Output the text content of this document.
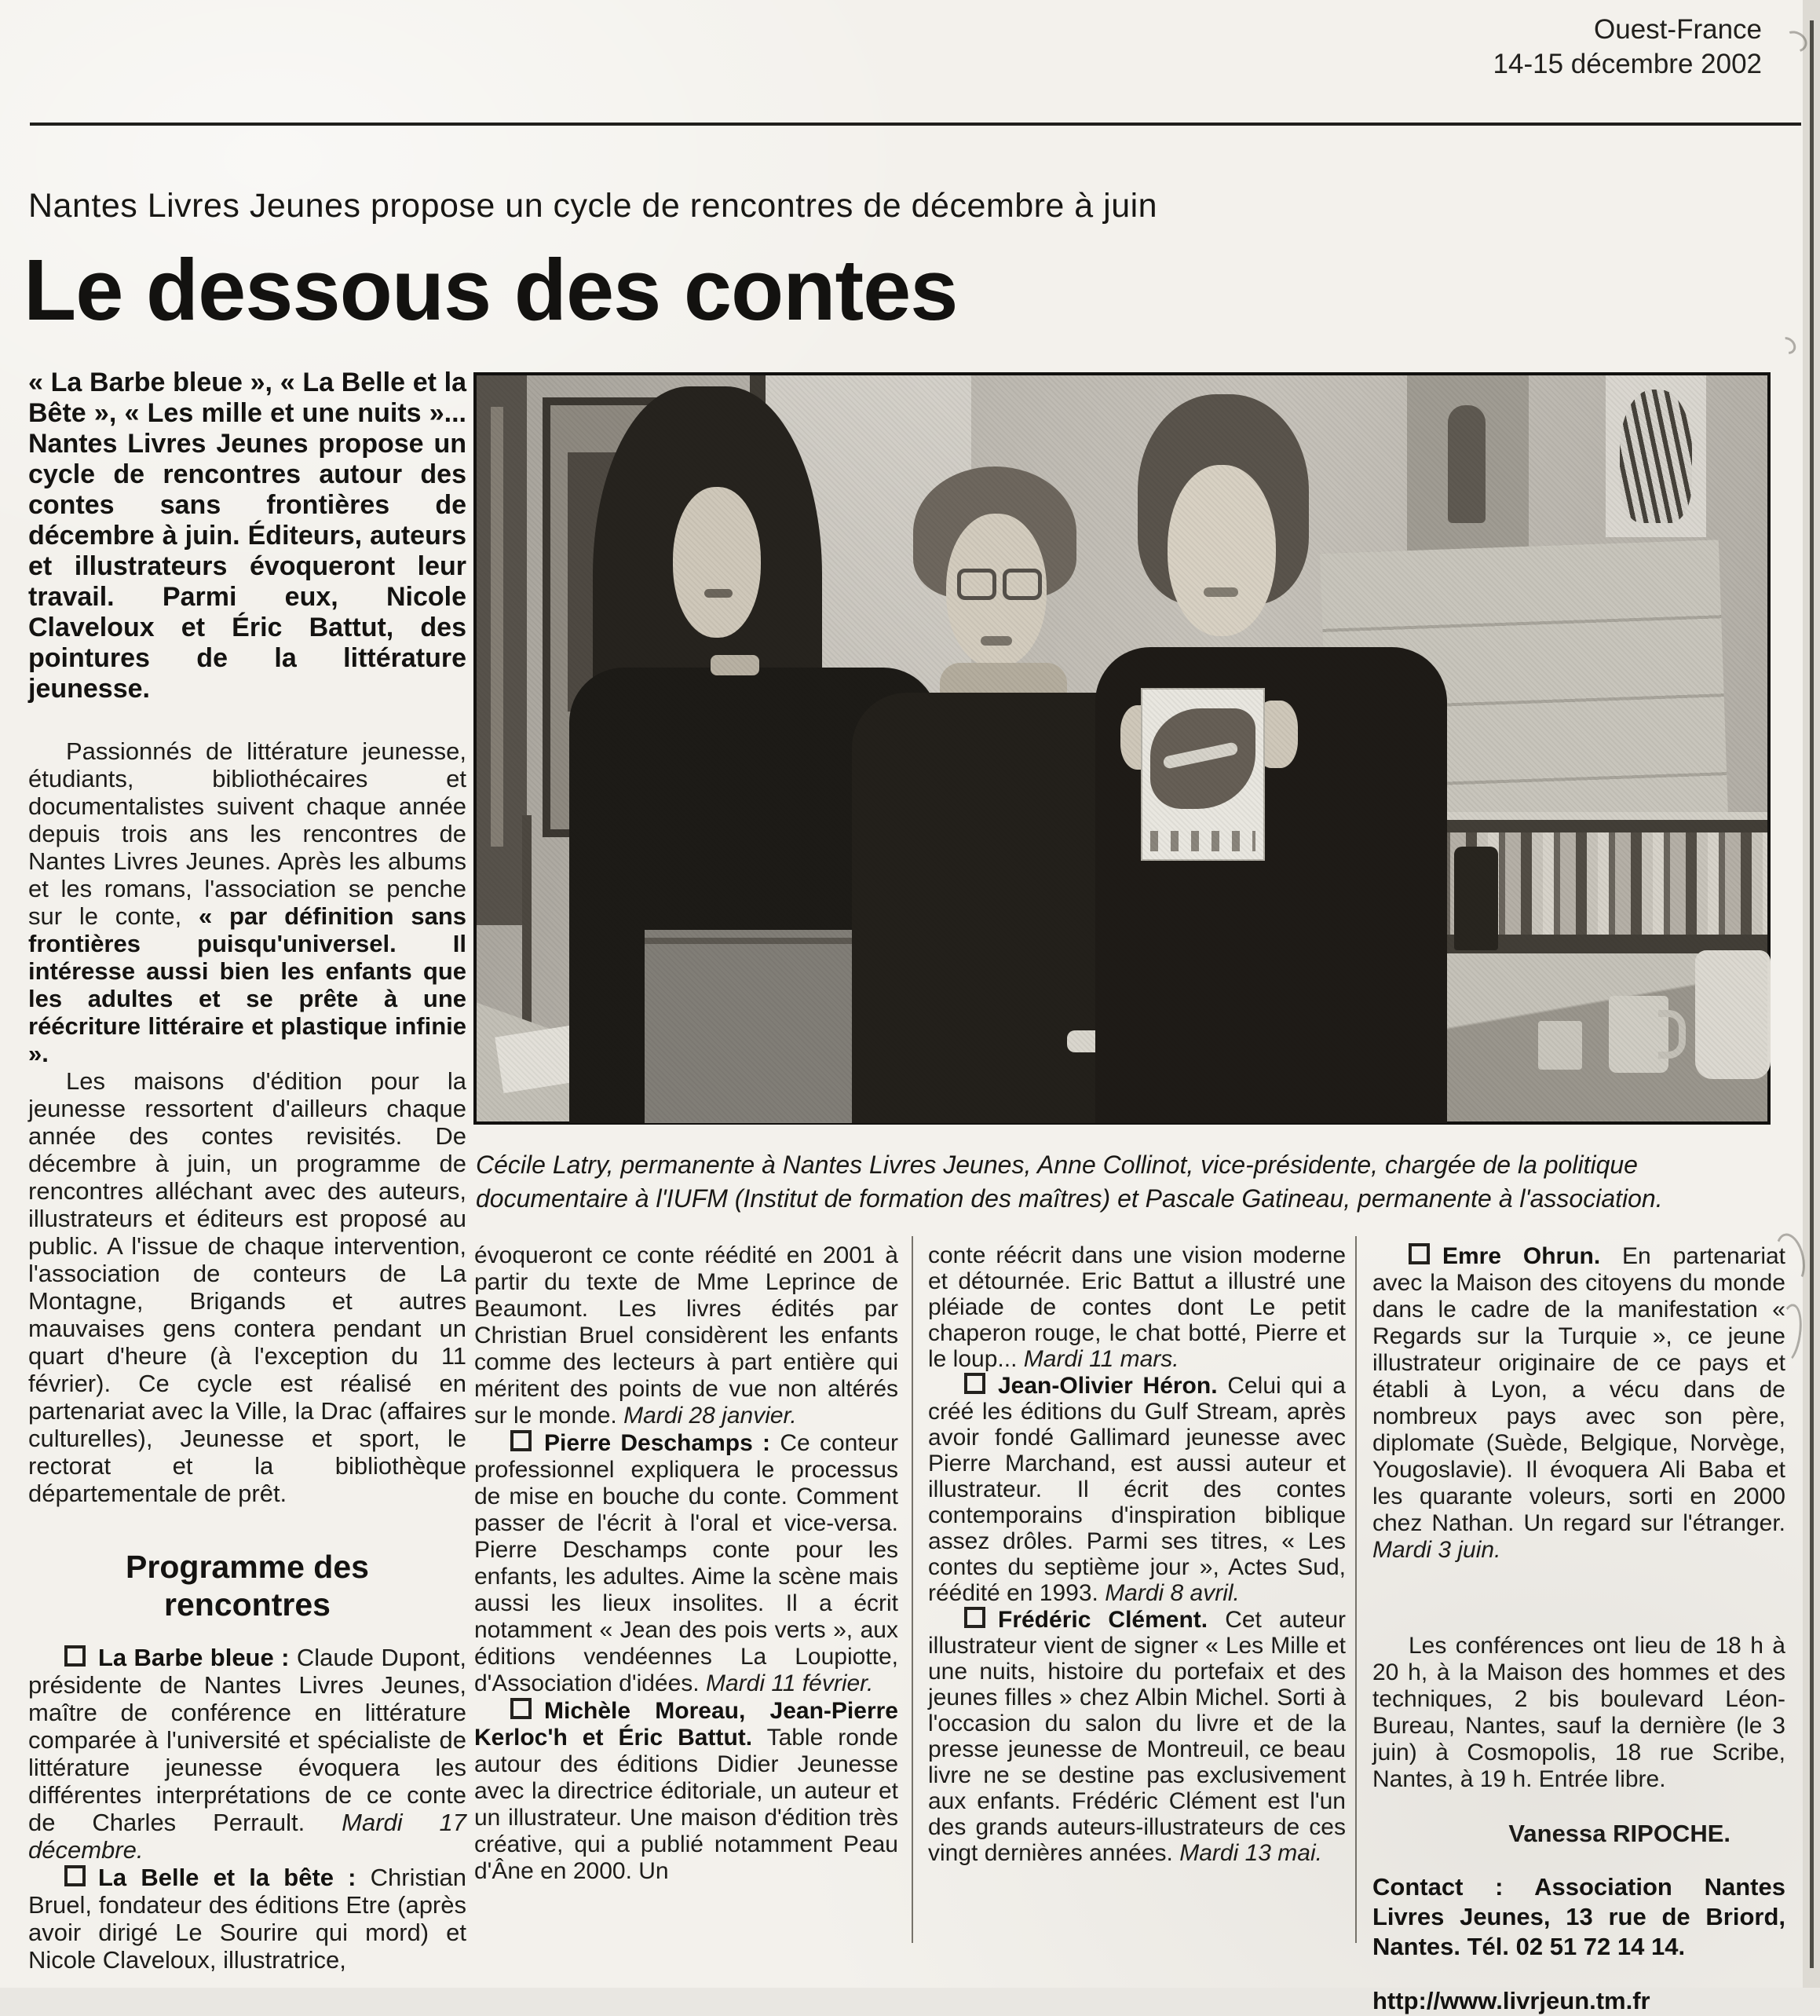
Ouest-France
14-15 décembre 2002
Nantes Livres Jeunes propose un cycle de rencontres de décembre à juin
Le dessous des contes

« La Barbe bleue », « La Belle et la Bête », « Les mille et une nuits »... Nantes Livres Jeunes propose un cycle de rencontres autour des contes sans frontières de décembre à juin. Éditeurs, auteurs et illustrateurs évoqueront leur travail. Parmi eux, Nicole Claveloux et Éric Battut, des pointures de la littérature jeunesse.

Passionnés de littérature jeunesse, étudiants, bibliothécaires et documentalistes suivent chaque année depuis trois ans les rencontres de Nantes Livres Jeunes. Après les albums et les romans, l'association se penche sur le conte, « par définition sans frontières puisqu'universel. Il intéresse aussi bien les enfants que les adultes et se prête à une réécriture littéraire et plastique infinie ».

Les maisons d'édition pour la jeunesse ressortent d'ailleurs chaque année des contes revisités. De décembre à juin, un programme de rencontres alléchant avec des auteurs, illustrateurs et éditeurs est proposé au public. A l'issue de chaque intervention, l'association de conteurs de La Montagne, Brigands et autres mauvaises gens contera pendant un quart d'heure (à l'exception du 11 février). Ce cycle est réalisé en partenariat avec la Ville, la Drac (affaires culturelles), Jeunesse et sport, le rectorat et la bibliothèque départementale de prêt.

Programme des rencontres

La Barbe bleue : Claude Dupont, présidente de Nantes Livres Jeunes, maître de conférence en littérature comparée à l'université et spécialiste de littérature jeunesse évoquera les différentes interprétations de ce conte de Charles Perrault. Mardi 17 décembre.

La Belle et la bête : Christian Bruel, fondateur des éditions Etre (après avoir dirigé Le Sourire qui mord) et Nicole Claveloux, illustratrice,

Cécile Latry, permanente à Nantes Livres Jeunes, Anne Collinot, vice-présidente, chargée de la politique documentaire à l'IUFM (Institut de formation des maîtres) et Pascale Gatineau, permanente à l'association.

évoqueront ce conte réédité en 2001 à partir du texte de Mme Leprince de Beaumont. Les livres édités par Christian Bruel considèrent les enfants comme des lecteurs à part entière qui méritent des points de vue non altérés sur le monde. Mardi 28 janvier.

Pierre Deschamps : Ce conteur professionnel expliquera le processus de mise en bouche du conte. Comment passer de l'écrit à l'oral et vice-versa. Pierre Deschamps conte pour les enfants, les adultes. Aime la scène mais aussi les lieux insolites. Il a écrit notamment « Jean des pois verts », aux éditions vendéennes La Loupiotte, d'Association d'idées. Mardi 11 février.

Michèle Moreau, Jean-Pierre Kerloc'h et Éric Battut. Table ronde autour des éditions Didier Jeunesse avec la directrice éditoriale, un auteur et un illustrateur. Une maison d'édition très créative, qui a publié notamment Peau d'Âne en 2000. Un

conte réécrit dans une vision moderne et détournée. Eric Battut a illustré une pléiade de contes dont Le petit chaperon rouge, le chat botté, Pierre et le loup... Mardi 11 mars.

Jean-Olivier Héron. Celui qui a créé les éditions du Gulf Stream, après avoir fondé Gallimard jeunesse avec Pierre Marchand, est aussi auteur et illustrateur. Il écrit des contes contemporains d'inspiration biblique assez drôles. Parmi ses titres, « Les contes du septième jour », Actes Sud, réédité en 1993. Mardi 8 avril.

Frédéric Clément. Cet auteur illustrateur vient de signer « Les Mille et une nuits, histoire du portefaix et des jeunes filles » chez Albin Michel. Sorti à l'occasion du salon du livre et de la presse jeunesse de Montreuil, ce beau livre ne se destine pas exclusivement aux enfants. Frédéric Clément est l'un des grands auteurs-illustrateurs de ces vingt dernières années. Mardi 13 mai.

Emre Ohrun. En partenariat avec la Maison des citoyens du monde dans le cadre de la manifestation « Regards sur la Turquie », ce jeune illustrateur originaire de ce pays et établi à Lyon, a vécu dans de nombreux pays avec son père, diplomate (Suède, Belgique, Norvège, Yougoslavie). Il évoquera Ali Baba et les quarante voleurs, sorti en 2000 chez Nathan. Un regard sur l'étranger. Mardi 3 juin.

Les conférences ont lieu de 18 h à 20 h, à la Maison des hommes et des techniques, 2 bis boulevard Léon-Bureau, Nantes, sauf la dernière (le 3 juin) à Cosmopolis, 18 rue Scribe, Nantes, à 19 h. Entrée libre.

Vanessa RIPOCHE.

Contact : Association Nantes Livres Jeunes, 13 rue de Briord, Nantes. Tél. 02 51 72 14 14.

http://www.livrjeun.tm.fr
